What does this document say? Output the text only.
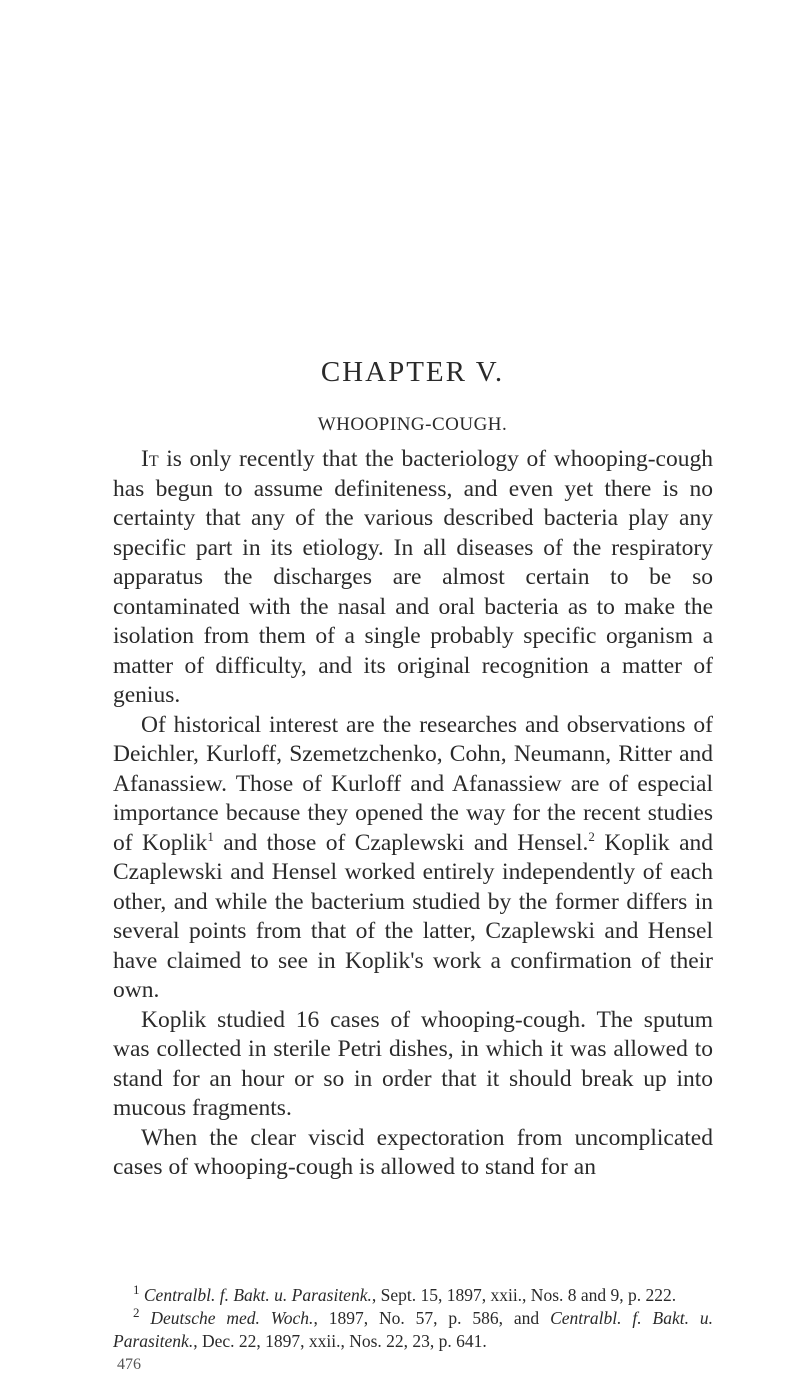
CHAPTER V.
WHOOPING-COUGH.

It is only recently that the bacteriology of whooping-cough has begun to assume definiteness, and even yet there is no certainty that any of the various described bacteria play any specific part in its etiology. In all diseases of the respiratory apparatus the discharges are almost certain to be so contaminated with the nasal and oral bacteria as to make the isolation from them of a single probably specific organism a matter of difficulty, and its original recognition a matter of genius.

Of historical interest are the researches and observations of Deichler, Kurloff, Szemetzchenko, Cohn, Neumann, Ritter and Afanassiew. Those of Kurloff and Afanassiew are of especial importance because they opened the way for the recent studies of Koplik$^1$ and those of Czaplewski and Hensel.$^2$ Koplik and Czaplewski and Hensel worked entirely independently of each other, and while the bacterium studied by the former differs in several points from that of the latter, Czaplewski and Hensel have claimed to see in Koplik's work a confirmation of their own.

Koplik studied 16 cases of whooping-cough. The sputum was collected in sterile Petri dishes, in which it was allowed to stand for an hour or so in order that it should break up into mucous fragments.

When the clear viscid expectoration from uncomplicated cases of whooping-cough is allowed to stand for an

$^1$ Centralbl. f. Bakt. u. Parasitenk., Sept. 15, 1897, xxii., Nos. 8 and 9, p. 222.

$^2$ Deutsche med. Woch., 1897, No. 57, p. 586, and Centralbl. f. Bakt. u. Parasitenk., Dec. 22, 1897, xxii., Nos. 22, 23, p. 641.

476
